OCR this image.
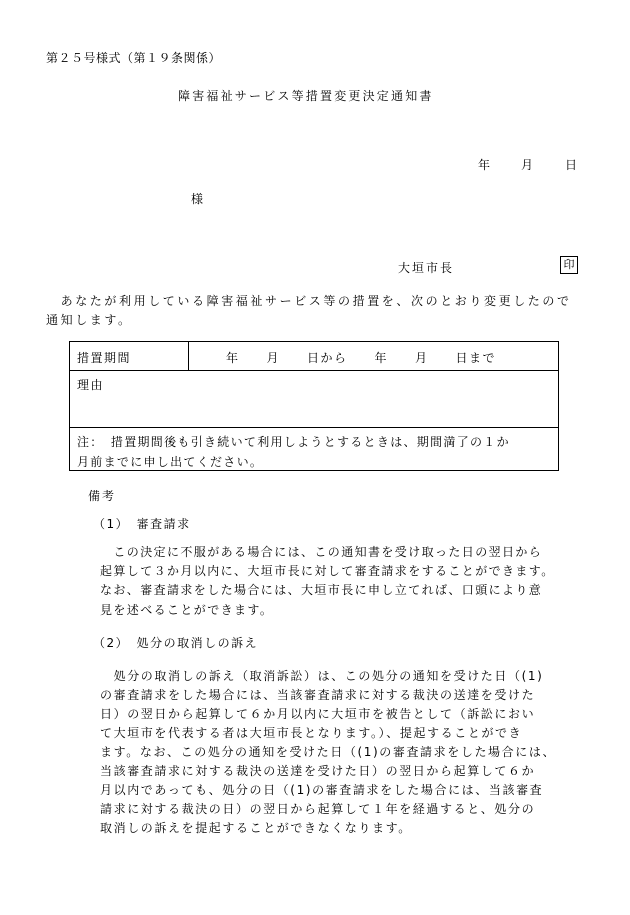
第２５号様式（第１９条関係）
障害福祉サービス等措置変更決定通知書
年	月	日
様
大垣市長	印
　あなたが利用している障害福祉サービス等の措置を、次のとおり変更したので
通知します。
措置期間	年　　月　　日から　　年　　月　　日まで
理由
注：　措置期間後も引き続いて利用しようとするときは、期間満了の１か
月前までに申し出てください。
備考
（1）　審査請求
　この決定に不服がある場合には、この通知書を受け取った日の翌日から
起算して３か月以内に、大垣市長に対して審査請求をすることができます。
なお、審査請求をした場合には、大垣市長に申し立てれば、口頭により意
見を述べることができます。
（2）　処分の取消しの訴え
　処分の取消しの訴え（取消訴訟）は、この処分の通知を受けた日（(1)
の審査請求をした場合には、当該審査請求に対する裁決の送達を受けた
日）の翌日から起算して６か月以内に大垣市を被告として（訴訟におい
て大垣市を代表する者は大垣市長となります。）、提起することができ
ます。なお、この処分の通知を受けた日（(1)の審査請求をした場合には、
当該審査請求に対する裁決の送達を受けた日）の翌日から起算して６か
月以内であっても、処分の日（(1)の審査請求をした場合には、当該審査
請求に対する裁決の日）の翌日から起算して１年を経過すると、処分の
取消しの訴えを提起することができなくなります。
